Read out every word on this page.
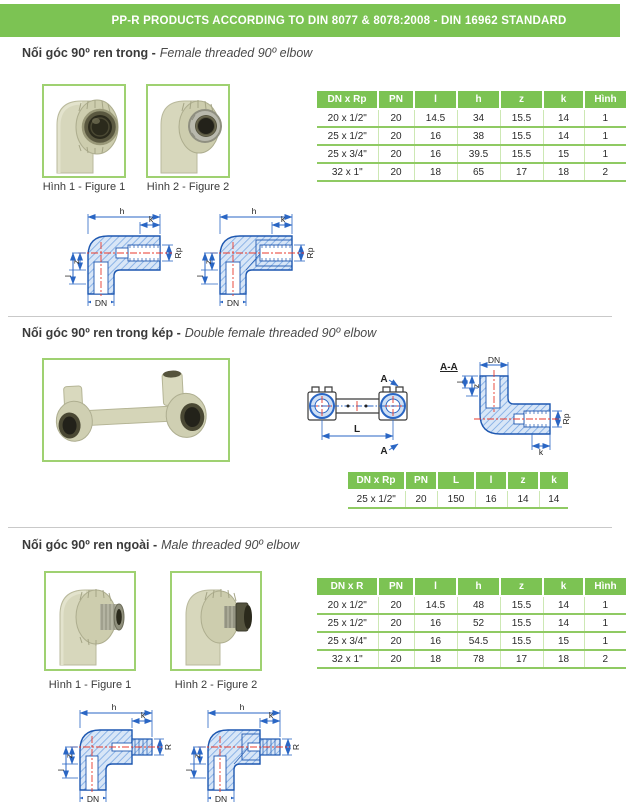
PP-R PRODUCTS ACCORDING TO DIN 8077 & 8078:2008 - DIN 16962 STANDARD
Nối góc 90º ren trong - Female threaded 90º elbow
Hình 1 - Figure 1	Hình 2 - Figure 2
DN x Rp	PN	l	h	z	k	Hình
20 x 1/2"	20	14.5	34	15.5	14	1
25 x 1/2"	20	16	38	15.5	14	1
25 x 3/4"	20	16	39.5	15.5	15	1
32 x 1"	20	18	65	17	18	2
h
k
Rp
z
l
DN
h
k
Rp
z
l
DN
Nối góc 90º ren trong kép - Double female threaded 90º elbow
A
A
L
A-A
DN
z
l
Rp
k
DN x Rp	PN	L	l	z	k
25 x 1/2"	20	150	16	14	14
Nối góc 90º ren ngoài - Male threaded 90º elbow
Hình 1 - Figure 1	Hình 2 - Figure 2
DN x R	PN	l	h	z	k	Hình
20 x 1/2"	20	14.5	48	15.5	14	1
25 x 1/2"	20	16	52	15.5	14	1
25 x 3/4"	20	16	54.5	15.5	15	1
32 x 1"	20	18	78	17	18	2
h
k
R
z
l
DN
h
k
R
z
l
DN
